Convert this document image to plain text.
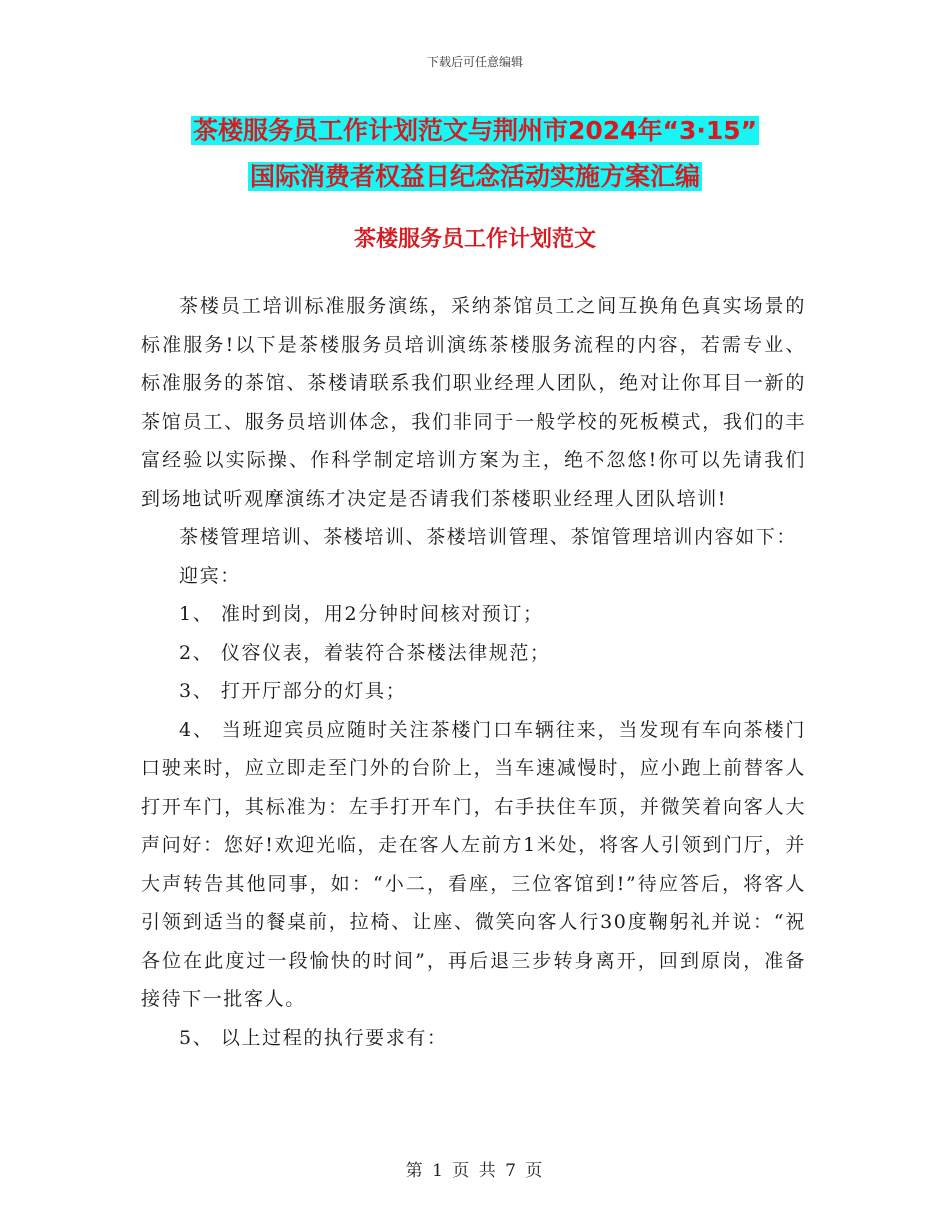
下载后可任意编辑
茶楼服务员工作计划范文与荆州市2024年“3·15”
国际消费者权益日纪念活动实施方案汇编
茶楼服务员工作计划范文

茶楼员工培训标准服务演练，采纳茶馆员工之间互换角色真实场景的标准服务!以下是茶楼服务员培训演练茶楼服务流程的内容，若需专业、标准服务的茶馆、茶楼请联系我们职业经理人团队，绝对让你耳目一新的茶馆员工、服务员培训体念，我们非同于一般学校的死板模式，我们的丰富经验以实际操、作科学制定培训方案为主，绝不忽悠!你可以先请我们到场地试听观摩演练才决定是否请我们茶楼职业经理人团队培训!

茶楼管理培训、茶楼培训、茶楼培训管理、茶馆管理培训内容如下：

迎宾：

1、 准时到岗，用2分钟时间核对预订；

2、 仪容仪表，着装符合茶楼法律规范；

3、 打开厅部分的灯具；

4、 当班迎宾员应随时关注茶楼门口车辆往来，当发现有车向茶楼门口驶来时，应立即走至门外的台阶上，当车速减慢时，应小跑上前替客人打开车门，其标准为：左手打开车门，右手扶住车顶，并微笑着向客人大声问好：您好!欢迎光临，走在客人左前方1米处，将客人引领到门厅，并大声转告其他同事，如：“小二，看座，三位客馆到!”待应答后，将客人引领到适当的餐桌前，拉椅、让座、微笑向客人行30度鞠躬礼并说：“祝各位在此度过一段愉快的时间”，再后退三步转身离开，回到原岗，准备接待下一批客人。

5、 以上过程的执行要求有：

第 1 页 共 7 页
